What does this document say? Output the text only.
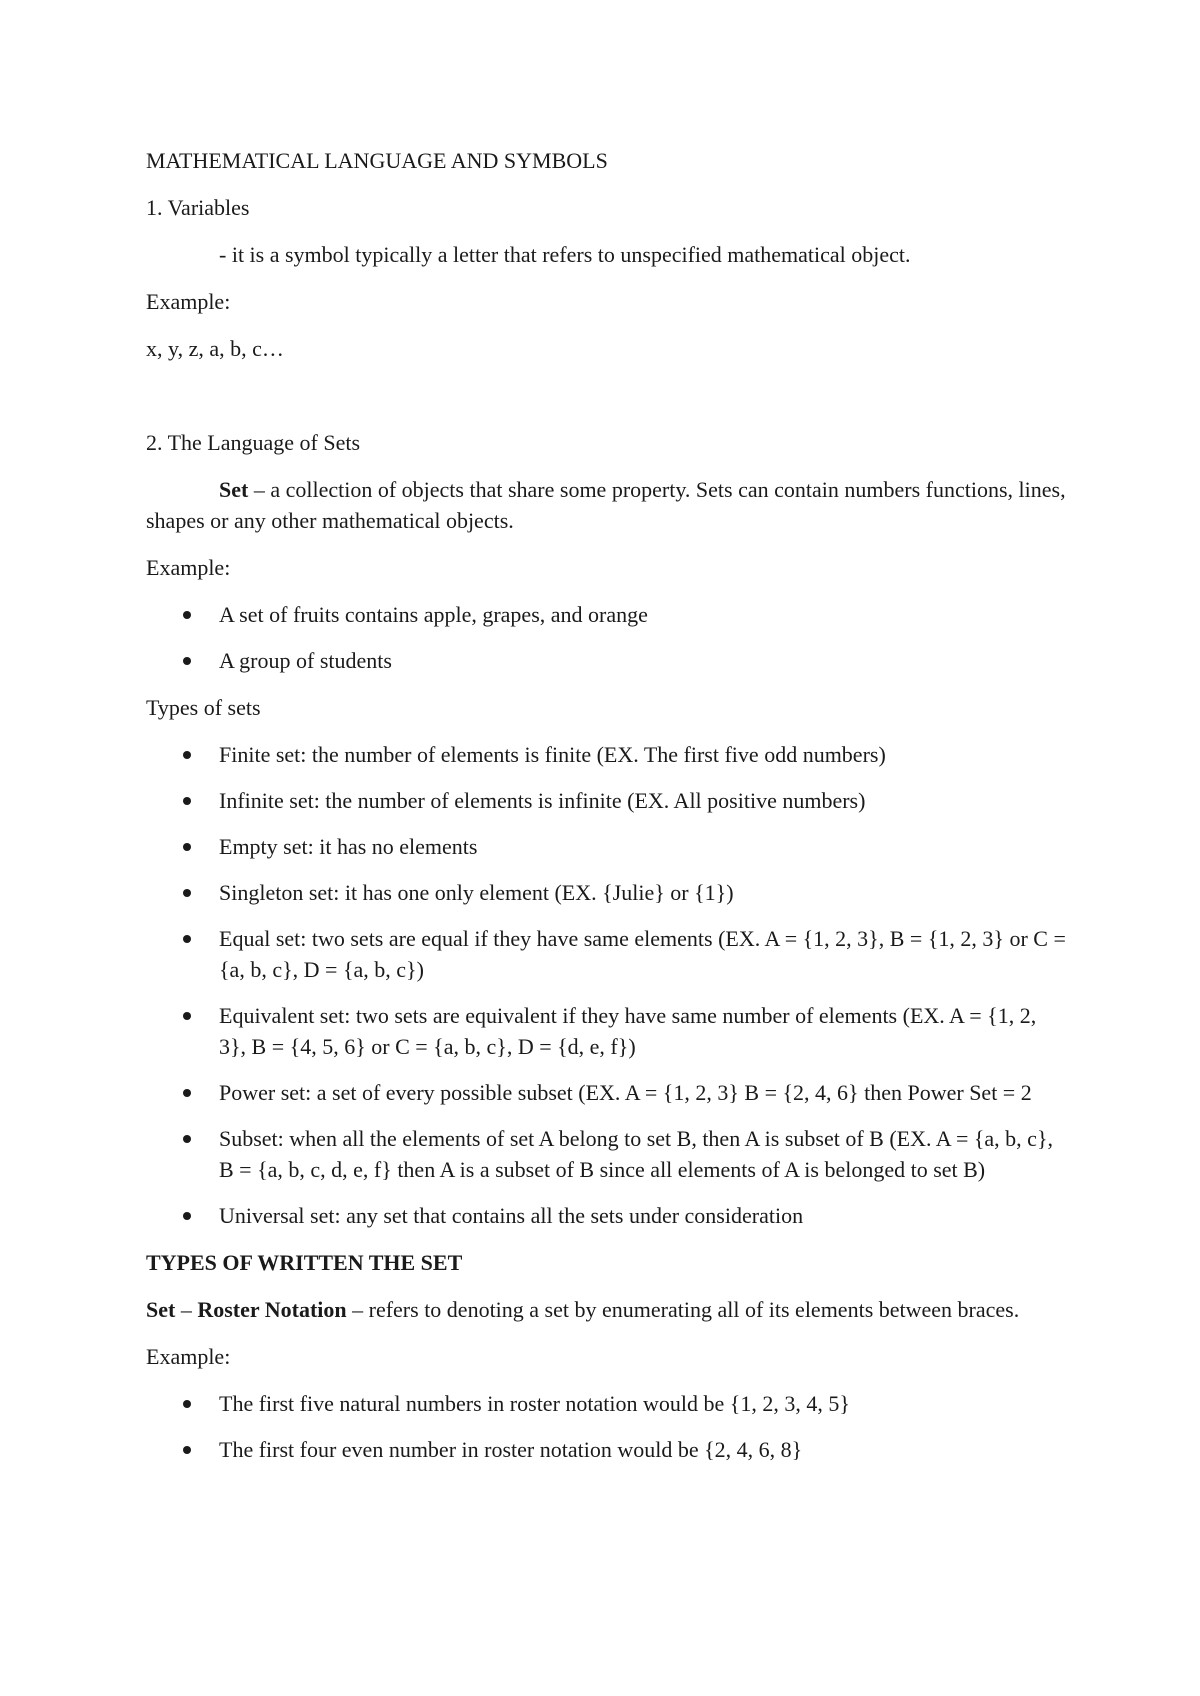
MATHEMATICAL LANGUAGE AND SYMBOLS

1. Variables

- it is a symbol typically a letter that refers to unspecified mathematical object.

Example:

x, y, z, a, b, c…

2. The Language of Sets

Set – a collection of objects that share some property. Sets can contain numbers functions, lines, shapes or any other mathematical objects.

Example:

A set of fruits contains apple, grapes, and orange
A group of students

Types of sets

Finite set: the number of elements is finite (EX. The first five odd numbers)
Infinite set: the number of elements is infinite (EX. All positive numbers)
Empty set: it has no elements
Singleton set: it has one only element (EX. {Julie} or {1})
Equal set: two sets are equal if they have same elements (EX. A = {1, 2, 3}, B = {1, 2, 3} or C = {a, b, c}, D = {a, b, c})
Equivalent set: two sets are equivalent if they have same number of elements (EX. A = {1, 2, 3}, B = {4, 5, 6} or C = {a, b, c}, D = {d, e, f})
Power set: a set of every possible subset (EX. A = {1, 2, 3} B = {2, 4, 6} then Power Set = 2
Subset: when all the elements of set A belong to set B, then A is subset of B (EX. A = {a, b, c}, B = {a, b, c, d, e, f} then A is a subset of B since all elements of A is belonged to set B)
Universal set: any set that contains all the sets under consideration

TYPES OF WRITTEN THE SET

Set – Roster Notation – refers to denoting a set by enumerating all of its elements between braces.

Example:

The first five natural numbers in roster notation would be {1, 2, 3, 4, 5}
The first four even number in roster notation would be {2, 4, 6, 8}
